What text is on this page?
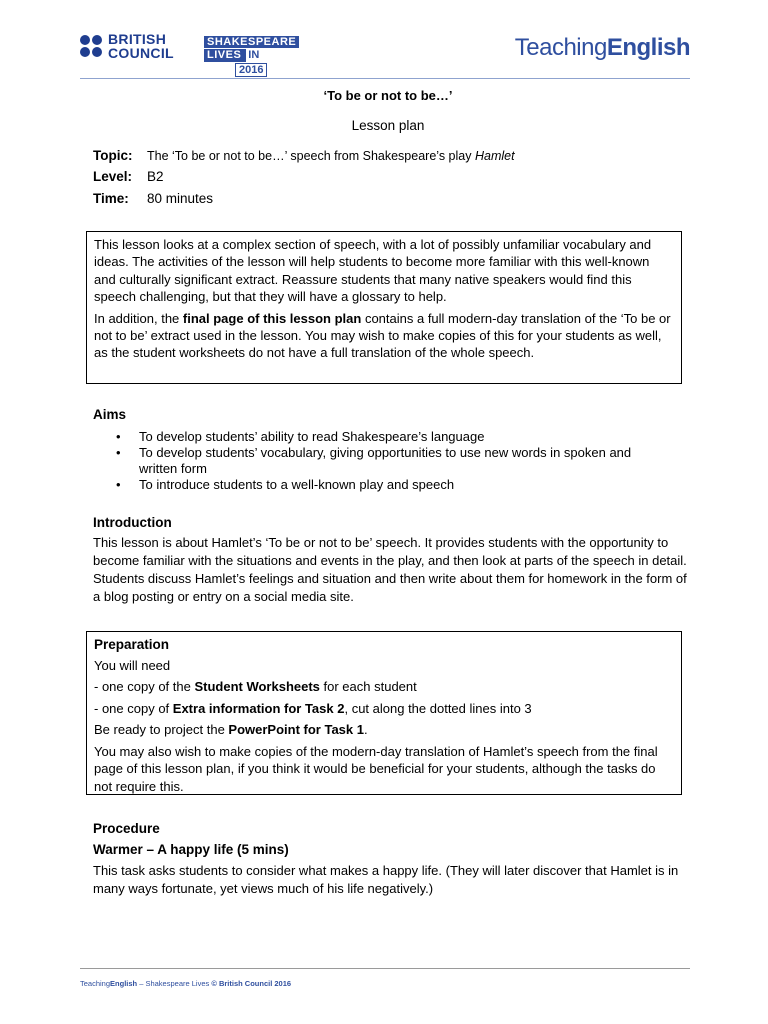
BRITISH
COUNCIL
SHAKESPEARE
LIVES IN
2016
TeachingEnglish
‘To be or not to be…’
Lesson plan
Topic: The ‘To be or not to be…’ speech from Shakespeare’s play Hamlet
Level: B2
Time: 80 minutes

This lesson looks at a complex section of speech, with a lot of possibly unfamiliar vocabulary and ideas. The activities of the lesson will help students to become more familiar with this well-known and culturally significant extract. Reassure students that many native speakers would find this speech challenging, but that they will have a glossary to help.

In addition, the final page of this lesson plan contains a full modern-day translation of the ‘To be or not to be’ extract used in the lesson. You may wish to make copies of this for your students as well, as the student worksheets do not have a full translation of the whole speech.

Aims
• To develop students’ ability to read Shakespeare’s language
• To develop students’ vocabulary, giving opportunities to use new words in spoken and written form
• To introduce students to a well-known play and speech
Introduction
This lesson is about Hamlet’s ‘To be or not to be’ speech. It provides students with the opportunity to become familiar with the situations and events in the play, and then look at parts of the speech in detail. Students discuss Hamlet’s feelings and situation and then write about them for homework in the form of a blog posting or entry on a social media site.

Preparation

You will need

- one copy of the Student Worksheets for each student

- one copy of Extra information for Task 2, cut along the dotted lines into 3

Be ready to project the PowerPoint for Task 1.

You may also wish to make copies of the modern-day translation of Hamlet’s speech from the final page of this lesson plan, if you think it would be beneficial for your students, although the tasks do not require this.

Procedure
Warmer – A happy life (5 mins)
This task asks students to consider what makes a happy life. (They will later discover that Hamlet is in many ways fortunate, yet views much of his life negatively.)
TeachingEnglish – Shakespeare Lives © British Council 2016
